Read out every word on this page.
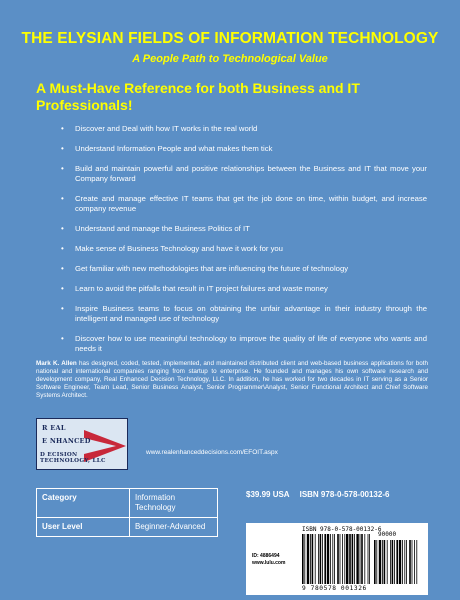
THE ELYSIAN FIELDS OF INFORMATION TECHNOLOGY
A People Path to Technological Value
A Must-Have Reference for both Business and IT Professionals!
• Discover and Deal with how IT works in the real world
• Understand Information People and what makes them tick
• Build and maintain powerful and positive relationships between the Business and IT that move your Company forward
• Create and manage effective IT teams that get the job done on time, within budget, and increase company revenue
• Understand and manage the Business Politics of IT
• Make sense of Business Technology and have it work for you
• Get familiar with new methodologies that are influencing the future of technology
• Learn to avoid the pitfalls that result in IT project failures and waste money
• Inspire Business teams to focus on obtaining the unfair advantage in their industry through the intelligent and managed use of technology
• Discover how to use meaningful technology to improve the quality of life of everyone who wants and needs it
Mark K. Allen has designed, coded, tested, implemented, and maintained distributed client and web-based business applications for both national and international companies ranging from startup to enterprise. He founded and manages his own software research and development company, Real Enhanced Decision Technology, LLC. In addition, he has worked for two decades in IT serving as a Senior Software Engineer, Team Lead, Senior Business Analyst, Senior Programmer\Analyst, Senior Functional Architect and Chief Software Systems Architect.
R EAL
E NHANCED
D ECISION TECHNOLOGY, LLC
www.realenhanceddecisions.com/EFOIT.aspx
Category	Information Technology
User Level	Beginner-Advanced
$39.99 USA ISBN 978-0-578-00132-6
ISBN 978-0-578-00132-6
ID: 4886494
www.lulu.com
90000
9 780578 001326
